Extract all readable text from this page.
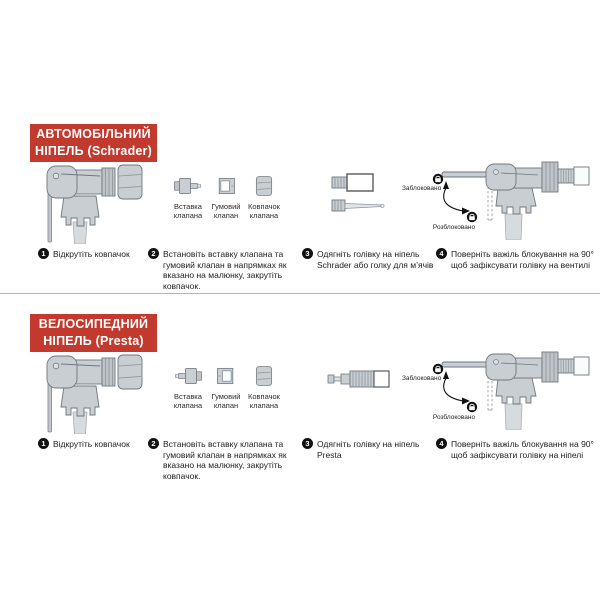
АВТОМОБІЛЬНИЙ
НІПЕЛЬ (Schrader)
Вставка клапана
Гумовий клапан
Ковпачок клапана
Заблоковано
Розблоковано
1 Відкрутіть ковпачок	2 Встановіть вставку клапана та гумовий клапан в напрямках як вказано на малюнку, закрутіть ковпачок.
3 Одягніть голівку на ніпель Schrader або голку для м’ячів
4 Поверніть важіль блокування на 90° щоб зафіксувати голівку на вентилі
ВЕЛОСИПЕДНИЙ
НІПЕЛЬ (Presta)
Вставка клапана
Гумовий клапан
Ковпачок клапана
Заблоковано
Розблоковано
1 Відкрутіть ковпачок	2 Встановіть вставку клапана та гумовий клапан в напрямках як вказано на малюнку, закрутіть ковпачок.
3 Одягніть голівку на ніпель Presta
4 Поверніть важіль блокування на 90° щоб зафіксувати голівку на ніпелі
